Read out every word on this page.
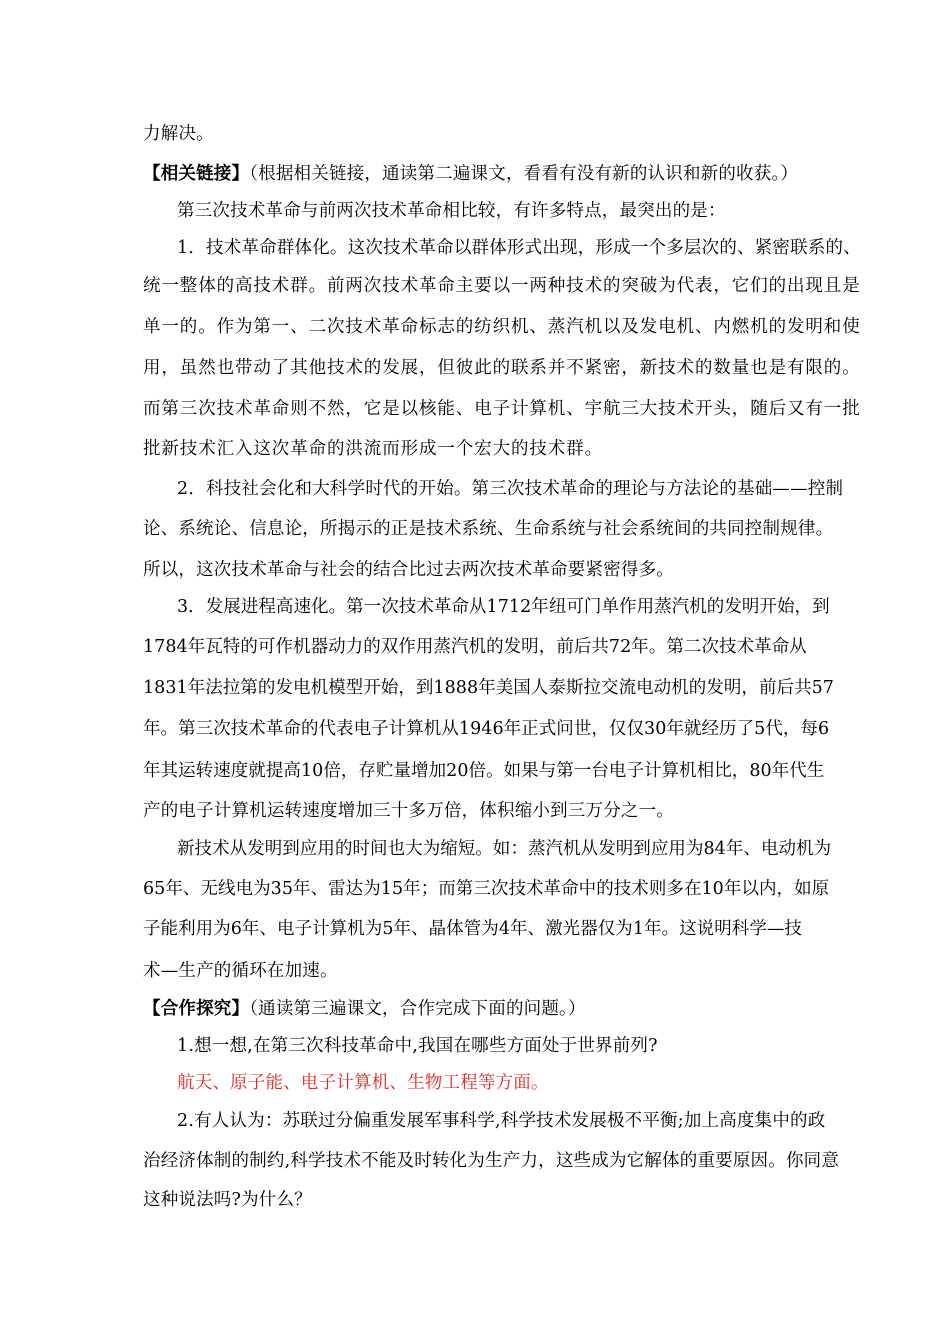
力解决。
【相关链接】（根据相关链接，通读第二遍课文，看看有没有新的认识和新的收获。）
第三次技术革命与前两次技术革命相比较，有许多特点，最突出的是：
1．技术革命群体化。这次技术革命以群体形式出现，形成一个多层次的、紧密联系的、
统一整体的高技术群。前两次技术革命主要以一两种技术的突破为代表，它们的出现且是
单一的。作为第一、二次技术革命标志的纺织机、蒸汽机以及发电机、内燃机的发明和使
用，虽然也带动了其他技术的发展，但彼此的联系并不紧密，新技术的数量也是有限的。
而第三次技术革命则不然，它是以核能、电子计算机、宇航三大技术开头，随后又有一批
批新技术汇入这次革命的洪流而形成一个宏大的技术群。
2．科技社会化和大科学时代的开始。第三次技术革命的理论与方法论的基础——控制
论、系统论、信息论，所揭示的正是技术系统、生命系统与社会系统间的共同控制规律。
所以，这次技术革命与社会的结合比过去两次技术革命要紧密得多。
3．发展进程高速化。第一次技术革命从1712年纽可门单作用蒸汽机的发明开始，到
1784年瓦特的可作机器动力的双作用蒸汽机的发明，前后共72年。第二次技术革命从
1831年法拉第的发电机模型开始，到1888年美国人泰斯拉交流电动机的发明，前后共57
年。第三次技术革命的代表电子计算机从1946年正式问世，仅仅30年就经历了5代，每6
年其运转速度就提高10倍，存贮量增加20倍。如果与第一台电子计算机相比，80年代生
产的电子计算机运转速度增加三十多万倍，体积缩小到三万分之一。
新技术从发明到应用的时间也大为缩短。如：蒸汽机从发明到应用为84年、电动机为
65年、无线电为35年、雷达为15年；而第三次技术革命中的技术则多在10年以内，如原
子能利用为6年、电子计算机为5年、晶体管为4年、激光器仅为1年。这说明科学—技
术—生产的循环在加速。
【合作探究】（通读第三遍课文，合作完成下面的问题。）
1.想一想,在第三次科技革命中,我国在哪些方面处于世界前列?
航天、原子能、电子计算机、生物工程等方面。
2.有人认为：苏联过分偏重发展军事科学,科学技术发展极不平衡;加上高度集中的政
治经济体制的制约,科学技术不能及时转化为生产力，这些成为它解体的重要原因。你同意
这种说法吗?为什么？
